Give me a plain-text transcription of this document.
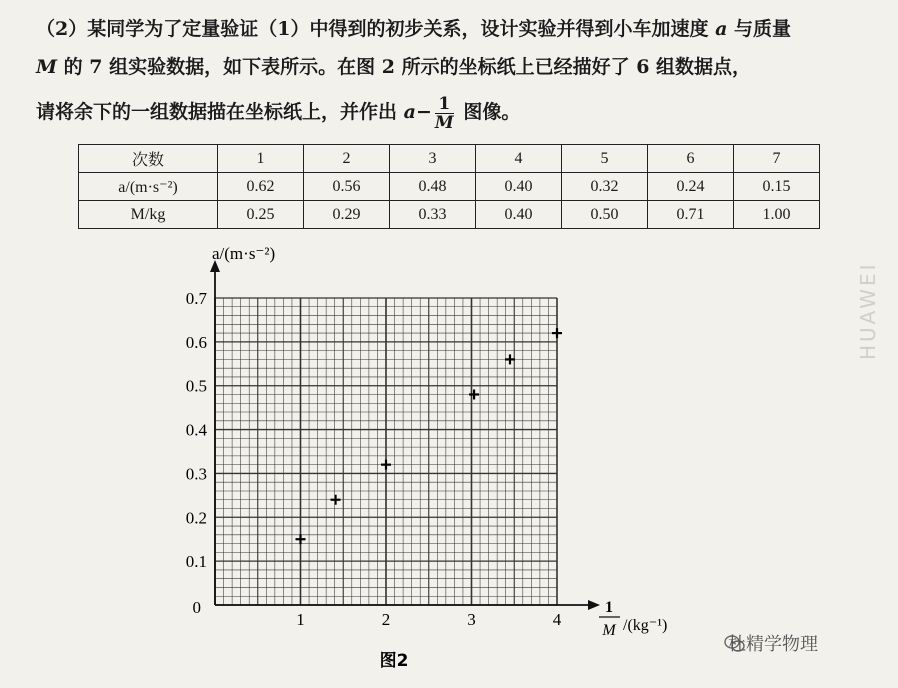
（2）某同学为了定量验证（1）中得到的初步关系，设计实验并得到小车加速度 a 与质量
M 的 7 组实验数据，如下表所示。在图 2 所示的坐标纸上已经描好了 6 组数据点，
请将余下的一组数据描在坐标纸上，并作出 $a- \frac{1}{M}$ 图像。
次数	1	2	3	4	5	6	7
a/(m·s⁻²)	0.62	0.56	0.48	0.40	0.32	0.24	0.15
M/kg	0.25	0.29	0.33	0.40	0.50	0.71	1.00
0.1
0.2
0.3
0.4
0.5
0.6
0.7
1	2	3	4
0
a/(m·s⁻²)
1
M /(kg⁻¹)
图2
杜精学物理
HUAWEI
